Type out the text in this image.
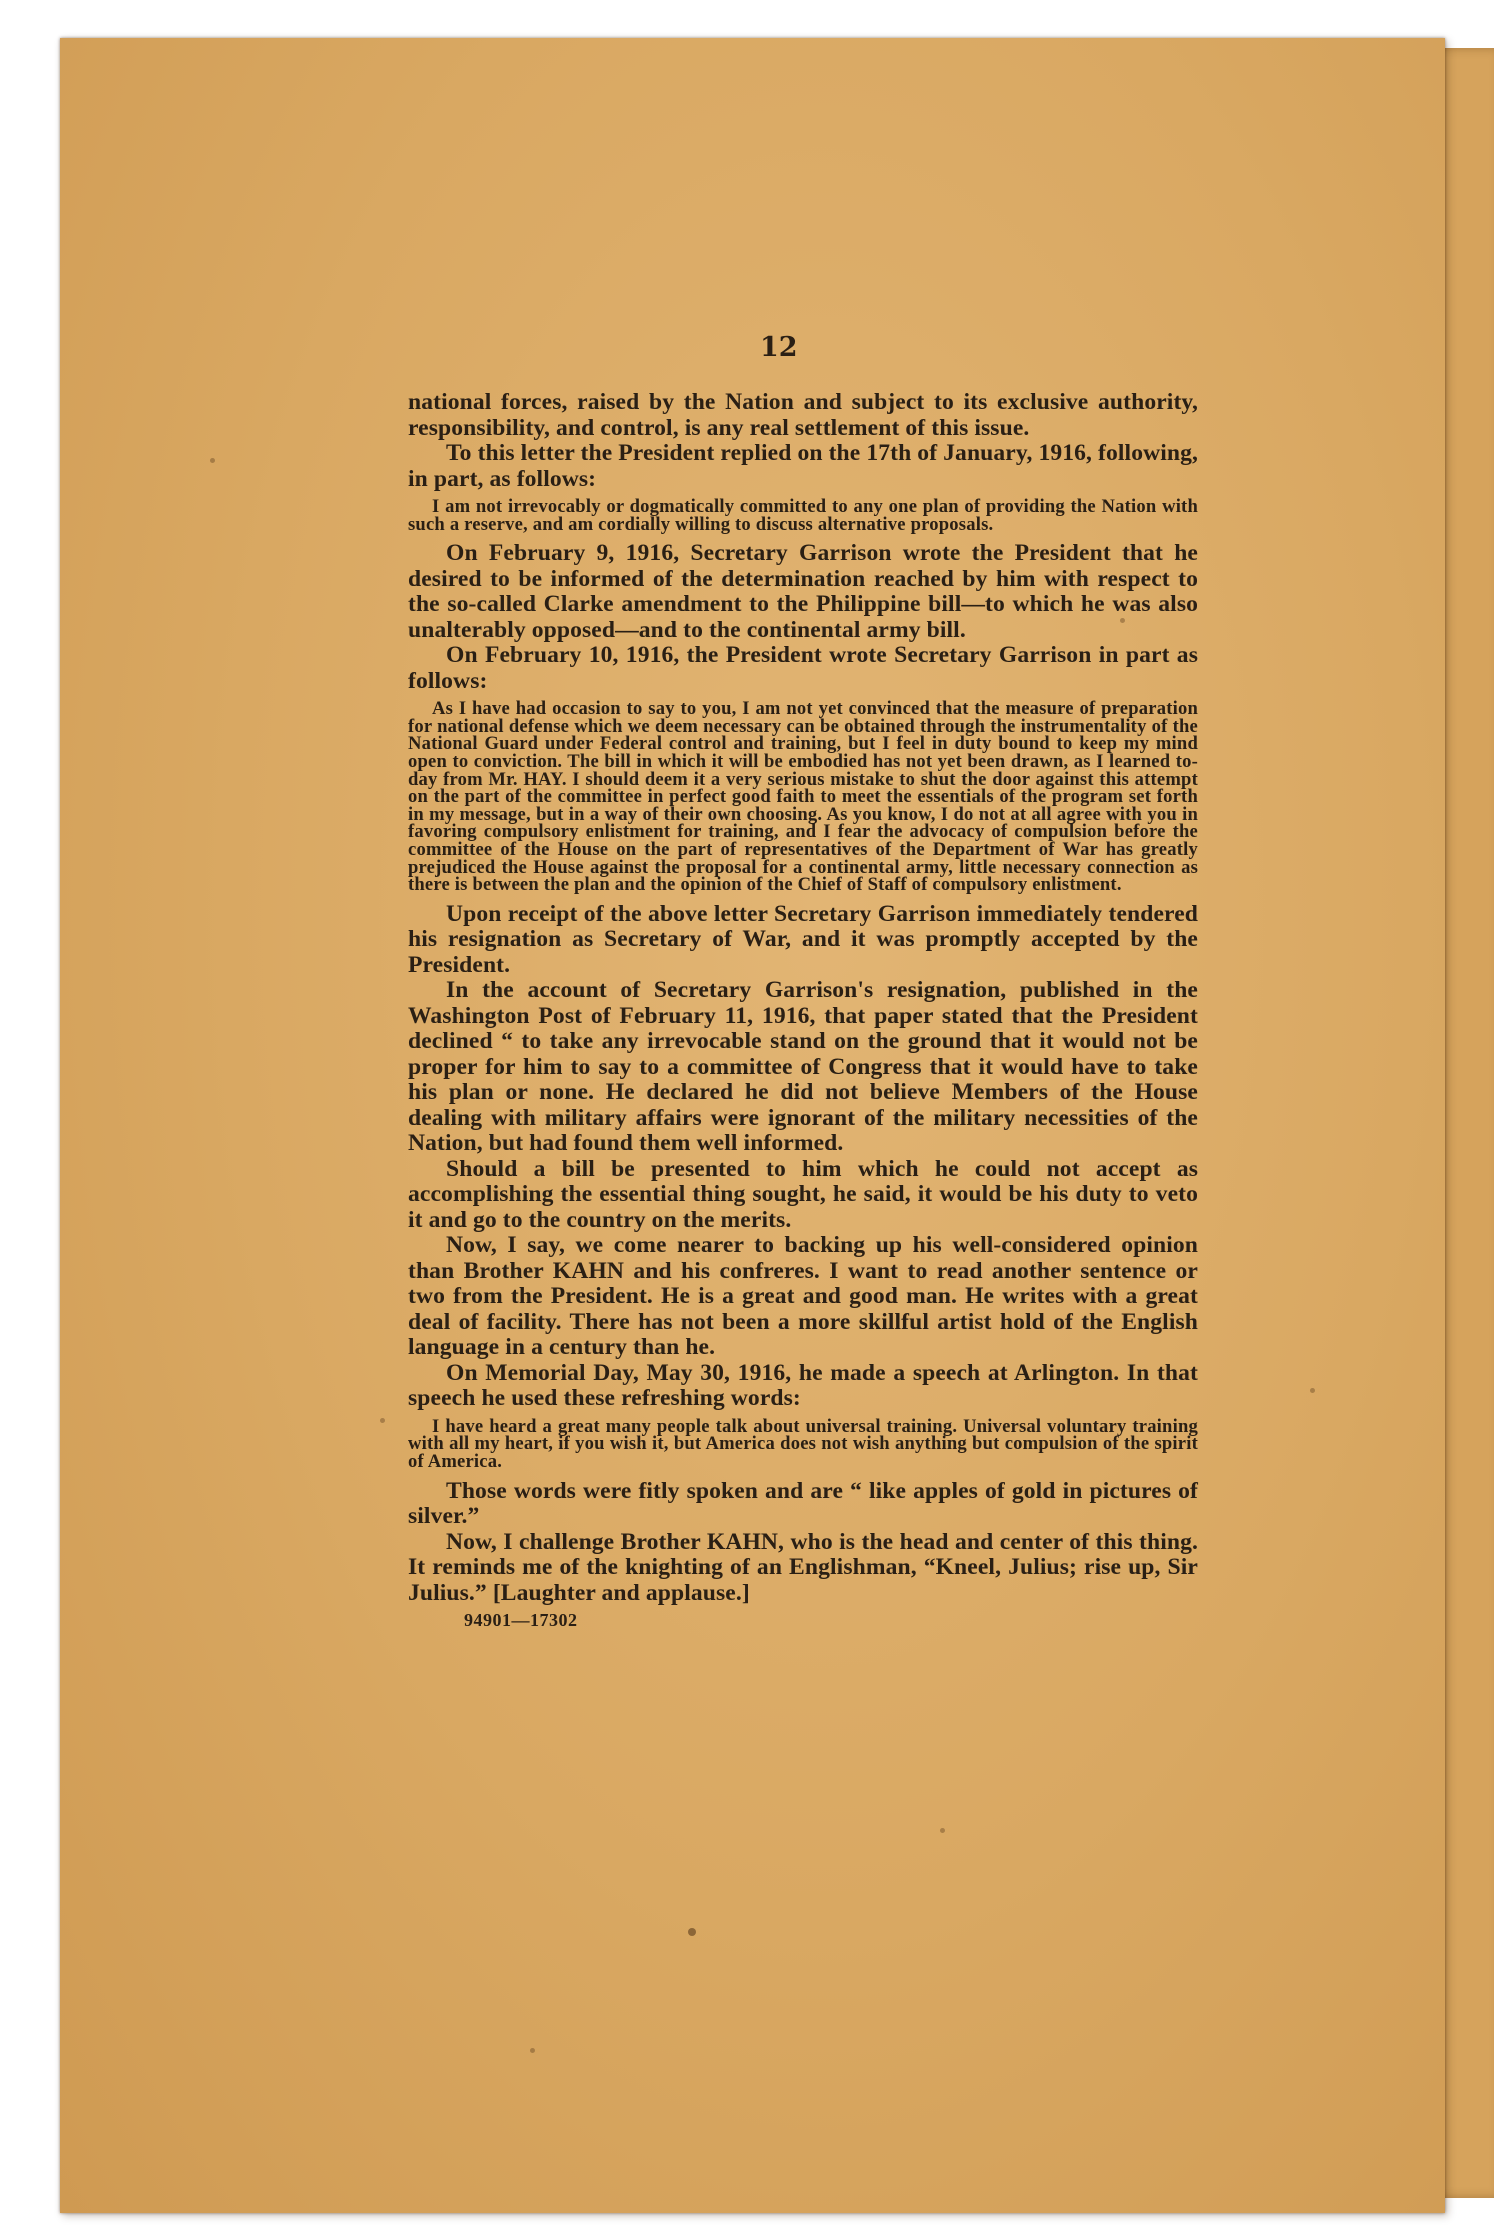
12

national forces, raised by the Nation and subject to its exclusive authority, responsibility, and control, is any real settlement of this issue.

To this letter the President replied on the 17th of January, 1916, following, in part, as follows:

I am not irrevocably or dogmatically committed to any one plan of providing the Nation with such a reserve, and am cordially willing to discuss alternative proposals.

On February 9, 1916, Secretary Garrison wrote the President that he desired to be informed of the determination reached by him with respect to the so-called Clarke amendment to the Philippine bill—to which he was also unalterably opposed—and to the continental army bill.

On February 10, 1916, the President wrote Secretary Garrison in part as follows:

As I have had occasion to say to you, I am not yet convinced that the measure of preparation for national defense which we deem necessary can be obtained through the instrumentality of the National Guard under Federal control and training, but I feel in duty bound to keep my mind open to conviction. The bill in which it will be embodied has not yet been drawn, as I learned to-day from Mr. HAY. I should deem it a very serious mistake to shut the door against this attempt on the part of the committee in perfect good faith to meet the essentials of the program set forth in my message, but in a way of their own choosing. As you know, I do not at all agree with you in favoring compulsory enlistment for training, and I fear the advocacy of compulsion before the committee of the House on the part of representatives of the Department of War has greatly prejudiced the House against the proposal for a continental army, little necessary connection as there is between the plan and the opinion of the Chief of Staff of compulsory enlistment.

Upon receipt of the above letter Secretary Garrison immediately tendered his resignation as Secretary of War, and it was promptly accepted by the President.

In the account of Secretary Garrison's resignation, published in the Washington Post of February 11, 1916, that paper stated that the President declined “ to take any irrevocable stand on the ground that it would not be proper for him to say to a committee of Congress that it would have to take his plan or none. He declared he did not believe Members of the House dealing with military affairs were ignorant of the military necessities of the Nation, but had found them well informed.

Should a bill be presented to him which he could not accept as accomplishing the essential thing sought, he said, it would be his duty to veto it and go to the country on the merits.

Now, I say, we come nearer to backing up his well-considered opinion than Brother KAHN and his confreres. I want to read another sentence or two from the President. He is a great and good man. He writes with a great deal of facility. There has not been a more skillful artist hold of the English language in a century than he.

On Memorial Day, May 30, 1916, he made a speech at Arlington. In that speech he used these refreshing words:

I have heard a great many people talk about universal training. Universal voluntary training with all my heart, if you wish it, but America does not wish anything but compulsion of the spirit of America.

Those words were fitly spoken and are “ like apples of gold in pictures of silver.”

Now, I challenge Brother KAHN, who is the head and center of this thing. It reminds me of the knighting of an Englishman, “Kneel, Julius; rise up, Sir Julius.” [Laughter and applause.]

94901—17302
